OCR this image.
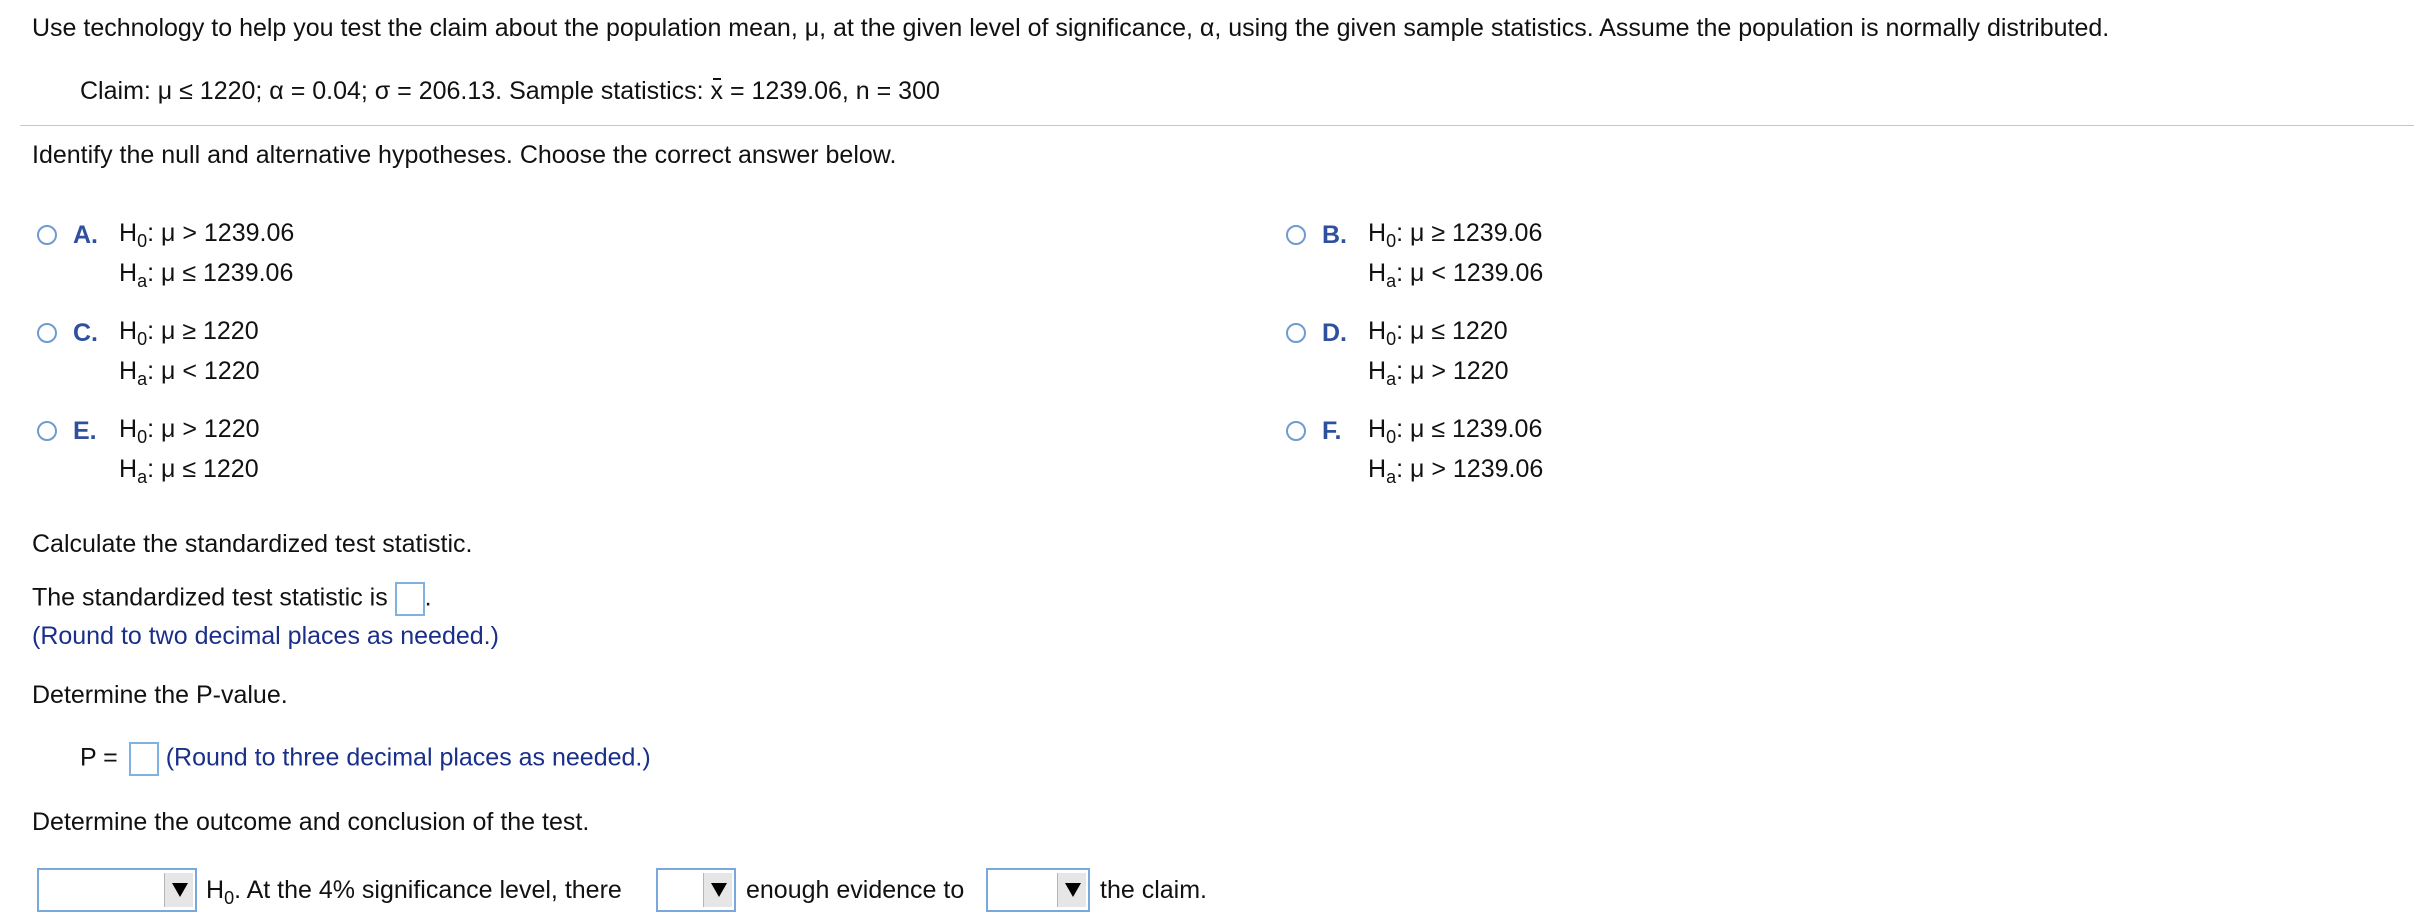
Use technology to help you test the claim about the population mean, μ, at the given level of significance, α, using the given sample statistics. Assume the population is normally distributed.
Claim: μ ≤ 1220; α = 0.04; σ = 206.13. Sample statistics: x = 1239.06, n = 300
Identify the null and alternative hypotheses. Choose the correct answer below.
A. $H_0$: μ > 1239.06
$H_a$: μ ≤ 1239.06
B. $H_0$: μ ≥ 1239.06
$H_a$: μ < 1239.06
C. $H_0$: μ ≥ 1220
$H_a$: μ < 1220
D. $H_0$: μ ≤ 1220
$H_a$: μ > 1220
E. $H_0$: μ > 1220
$H_a$: μ ≤ 1220
F. $H_0$: μ ≤ 1239.06
$H_a$: μ > 1239.06
Calculate the standardized test statistic.
The standardized test statistic is .
(Round to two decimal places as needed.)
Determine the P-value.
P = (Round to three decimal places as needed.)
Determine the outcome and conclusion of the test.
$H_0$. At the 4% significance level, there	enough evidence to	the claim.
